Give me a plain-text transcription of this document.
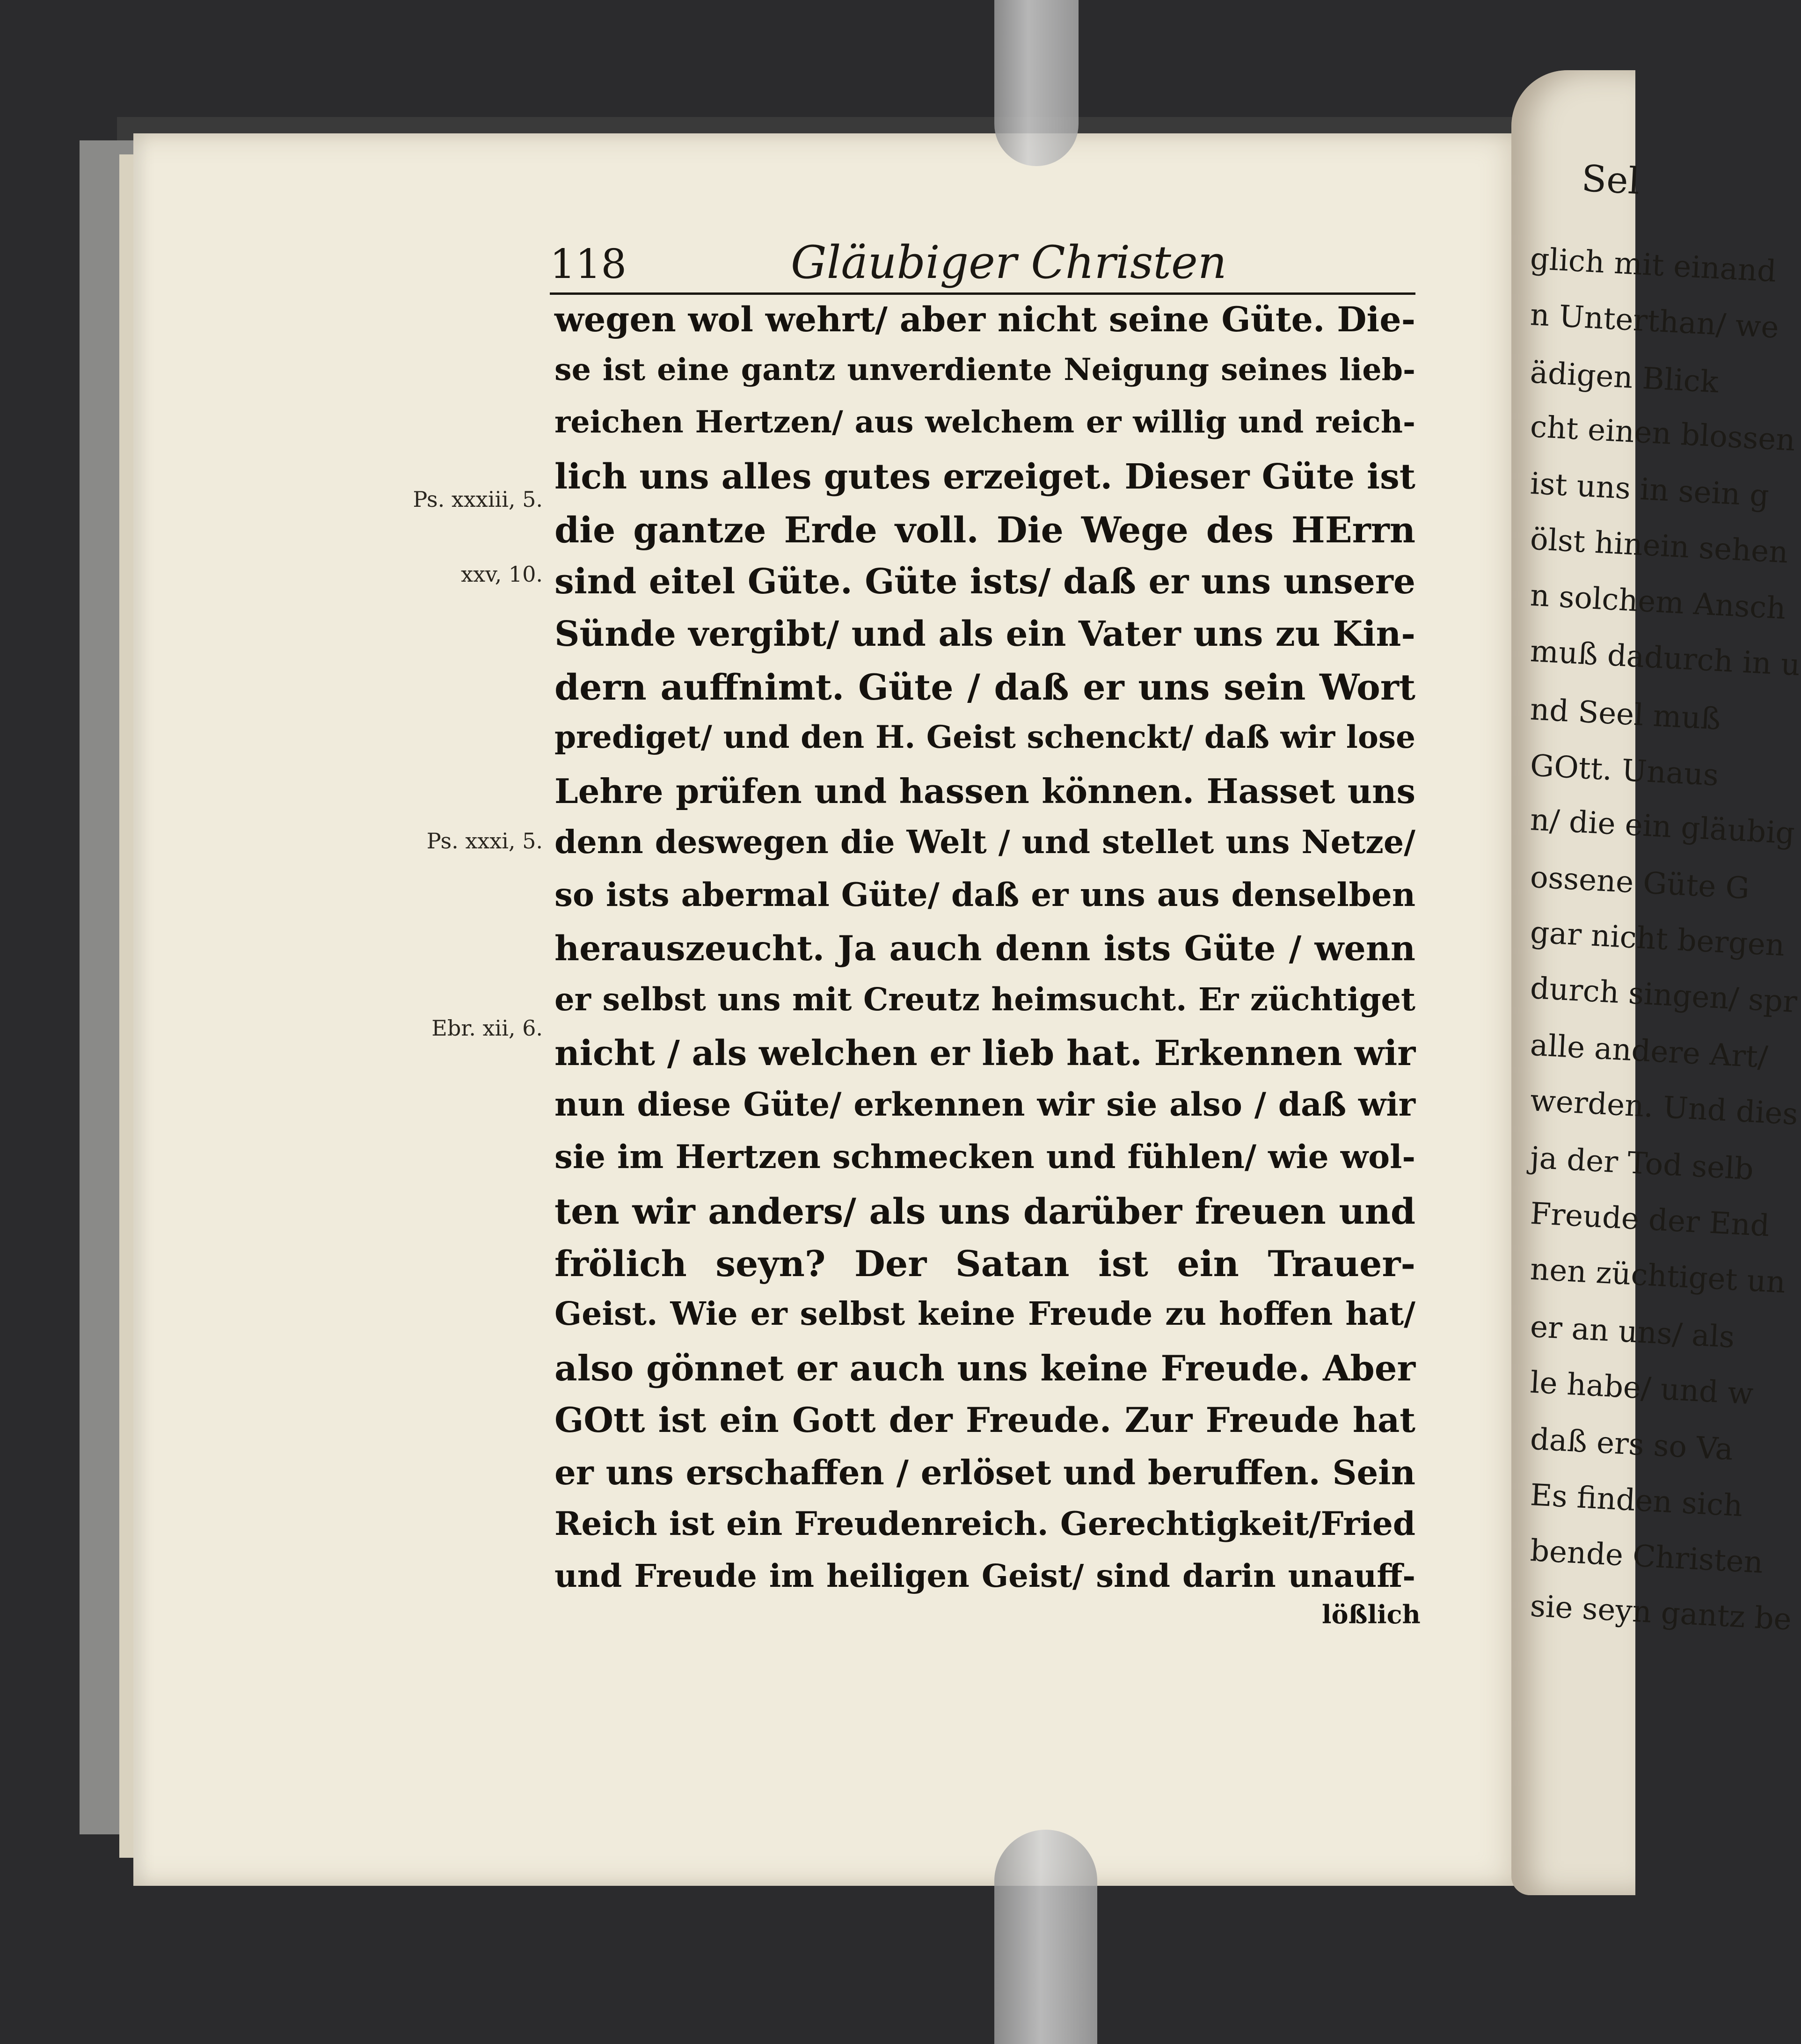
Sel
glich mit einand
n Unterthan/ we
ädigen Blick
cht einen blossen
ist uns in sein g
ölst hinein sehen
n solchem Ansch
muß dadurch in u
nd Seel muß
GOtt. Unaus
n/ die ein gläubig
ossene Güte G
gar nicht bergen
durch singen/ spr
alle andere Art/
werden. Und dies
ja der Tod selb
Freude der End
nen züchtiget un
er an uns/ als
le habe/ und w
daß ers so Va
Es finden sich
bende Christen
sie seyn gantz be
118	Gläubiger Christen
wegen wol wehrt/ aber nicht seine Güte. Die-
se ist eine gantz unverdiente Neigung seines lieb-
reichen Hertzen/ aus welchem er willig und reich-
lich uns alles gutes erzeiget. Dieser Güte ist
die gantze Erde voll. Die Wege des HErrn
sind eitel Güte. Güte ists/ daß er uns unsere
Sünde vergibt/ und als ein Vater uns zu Kin-
dern auffnimt. Güte / daß er uns sein Wort
prediget/ und den H. Geist schenckt/ daß wir lose
Lehre prüfen und hassen können. Hasset uns
denn deswegen die Welt / und stellet uns Netze/
so ists abermal Güte/ daß er uns aus denselben
herauszeucht. Ja auch denn ists Güte / wenn
er selbst uns mit Creutz heimsucht. Er züchtiget
nicht / als welchen er lieb hat. Erkennen wir
nun diese Güte/ erkennen wir sie also / daß wir
sie im Hertzen schmecken und fühlen/ wie wol-
ten wir anders/ als uns darüber freuen und
frölich seyn? Der Satan ist ein Trauer-
Geist. Wie er selbst keine Freude zu hoffen hat/
also gönnet er auch uns keine Freude. Aber
GOtt ist ein Gott der Freude. Zur Freude hat
er uns erschaffen / erlöset und beruffen. Sein
Reich ist ein Freudenreich. Gerechtigkeit/Fried
und Freude im heiligen Geist/ sind darin unauff-
lößlich
Ps. xxxiii, 5.
xxv, 10.
Ps. xxxi, 5.
Ebr. xii, 6.
